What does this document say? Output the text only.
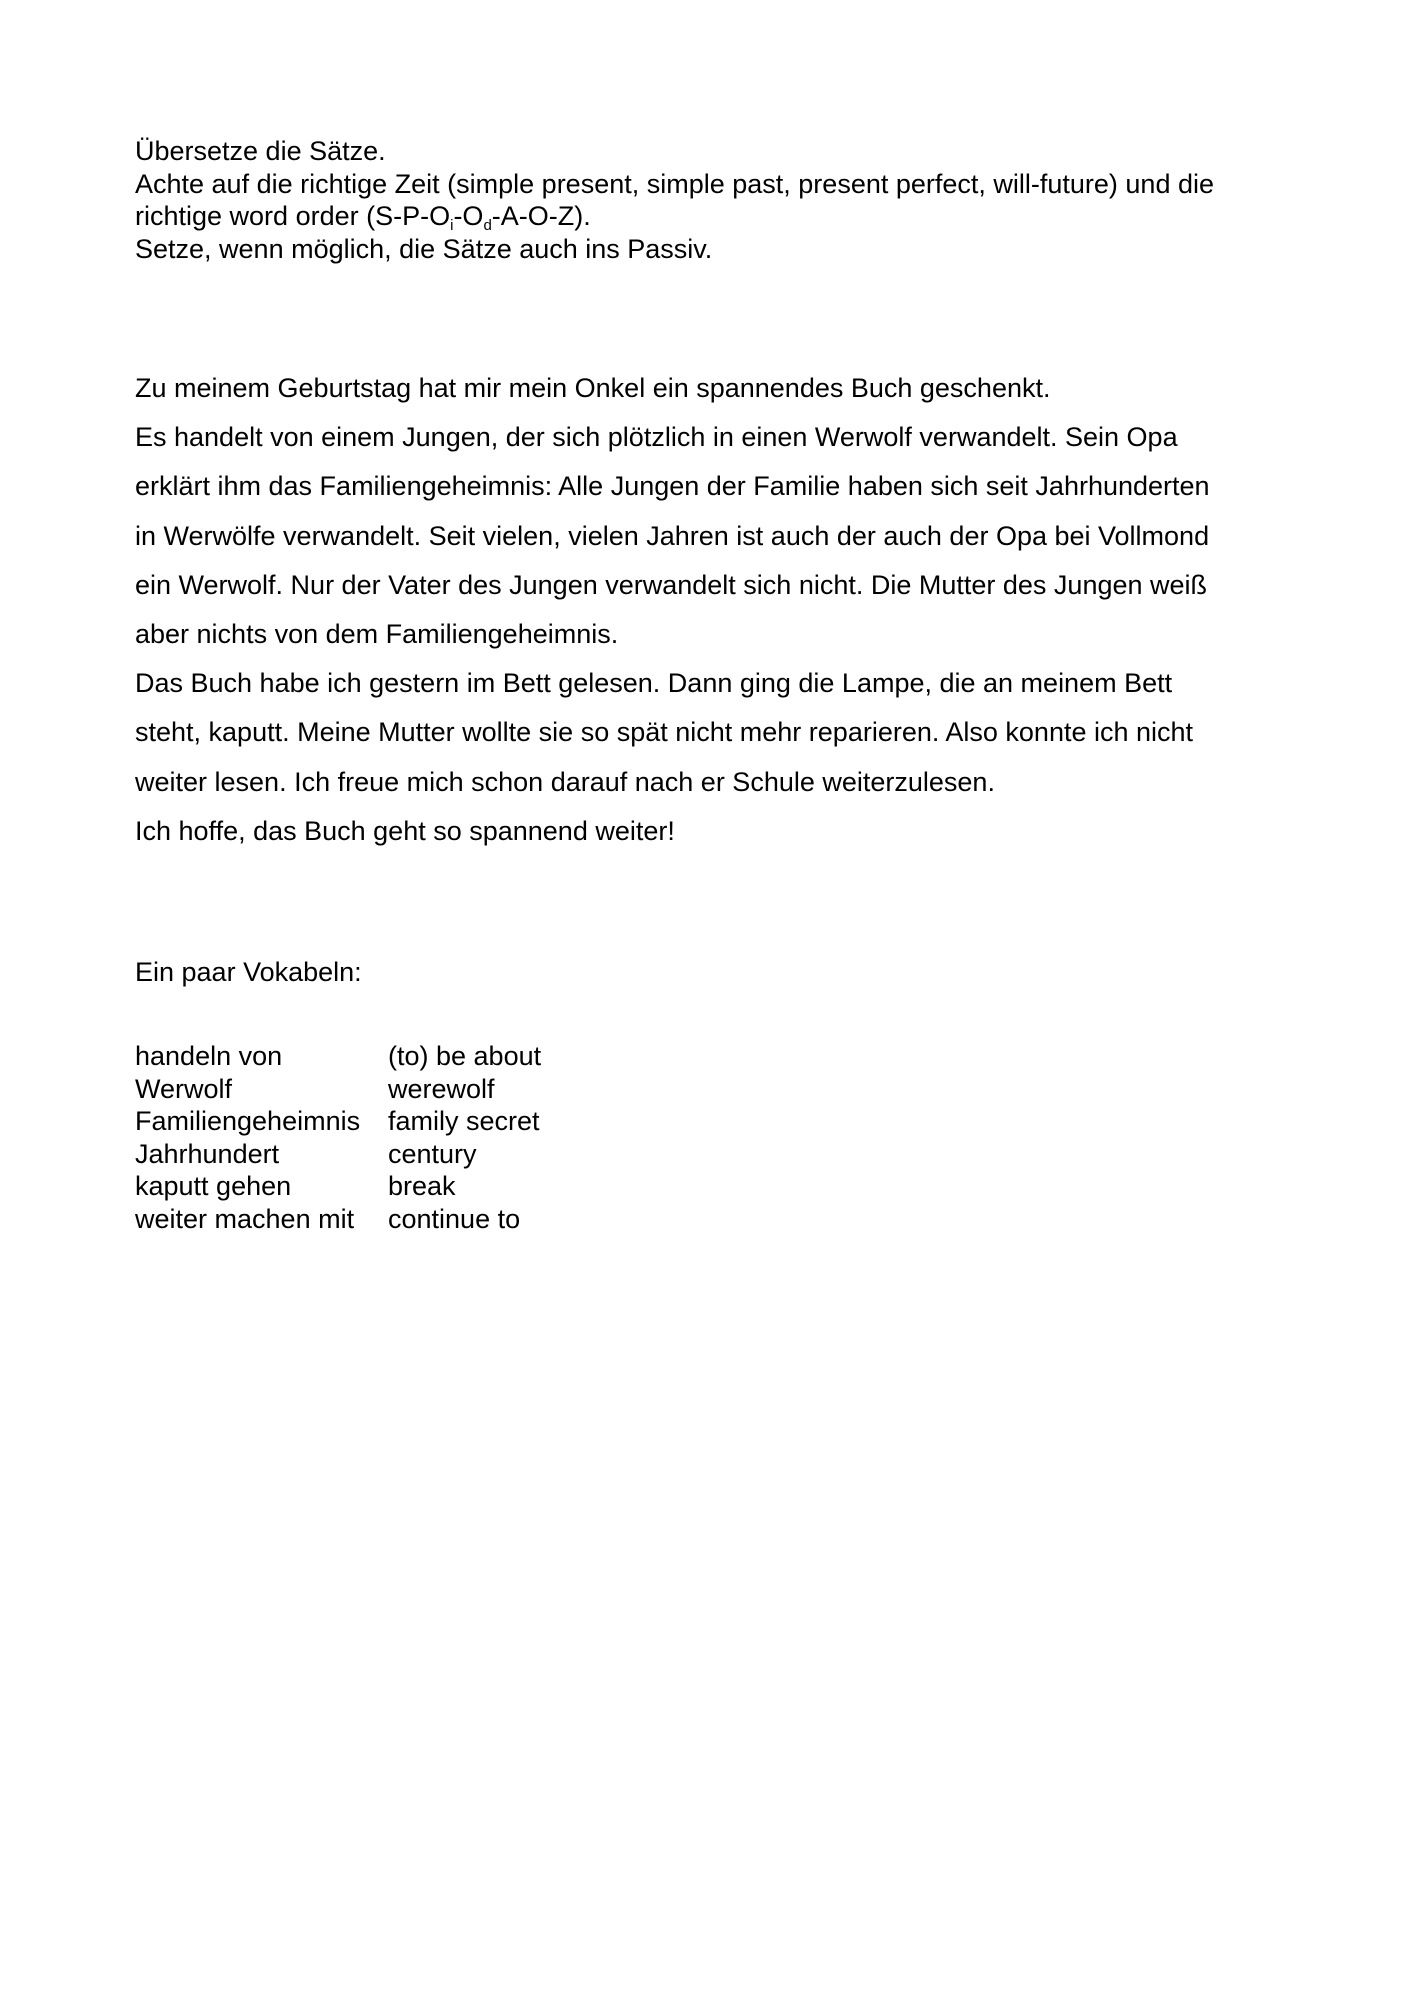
Übersetze die Sätze.

Achte auf die richtige Zeit (simple present, simple past, present perfect, will-future) und die

richtige word order $(S-P-O_i-O_d-A-O-Z)$.

Setze, wenn möglich, die Sätze auch ins Passiv.

Zu meinem Geburtstag hat mir mein Onkel ein spannendes Buch geschenkt.

Es handelt von einem Jungen, der sich plötzlich in einen Werwolf verwandelt. Sein Opa

erklärt ihm das Familiengeheimnis: Alle Jungen der Familie haben sich seit Jahrhunderten

in Werwölfe verwandelt. Seit vielen, vielen Jahren ist auch der auch der Opa bei Vollmond

ein Werwolf. Nur der Vater des Jungen verwandelt sich nicht. Die Mutter des Jungen weiß

aber nichts von dem Familiengeheimnis.

Das Buch habe ich gestern im Bett gelesen. Dann ging die Lampe, die an meinem Bett

steht, kaputt. Meine Mutter wollte sie so spät nicht mehr reparieren. Also konnte ich nicht

weiter lesen. Ich freue mich schon darauf nach er Schule weiterzulesen.

Ich hoffe, das Buch geht so spannend weiter!

Ein paar Vokabeln:

handeln von	(to) be about
Werwolf	werewolf
Familiengeheimnis	family secret
Jahrhundert	century
kaputt gehen	break
weiter machen mit	continue to
